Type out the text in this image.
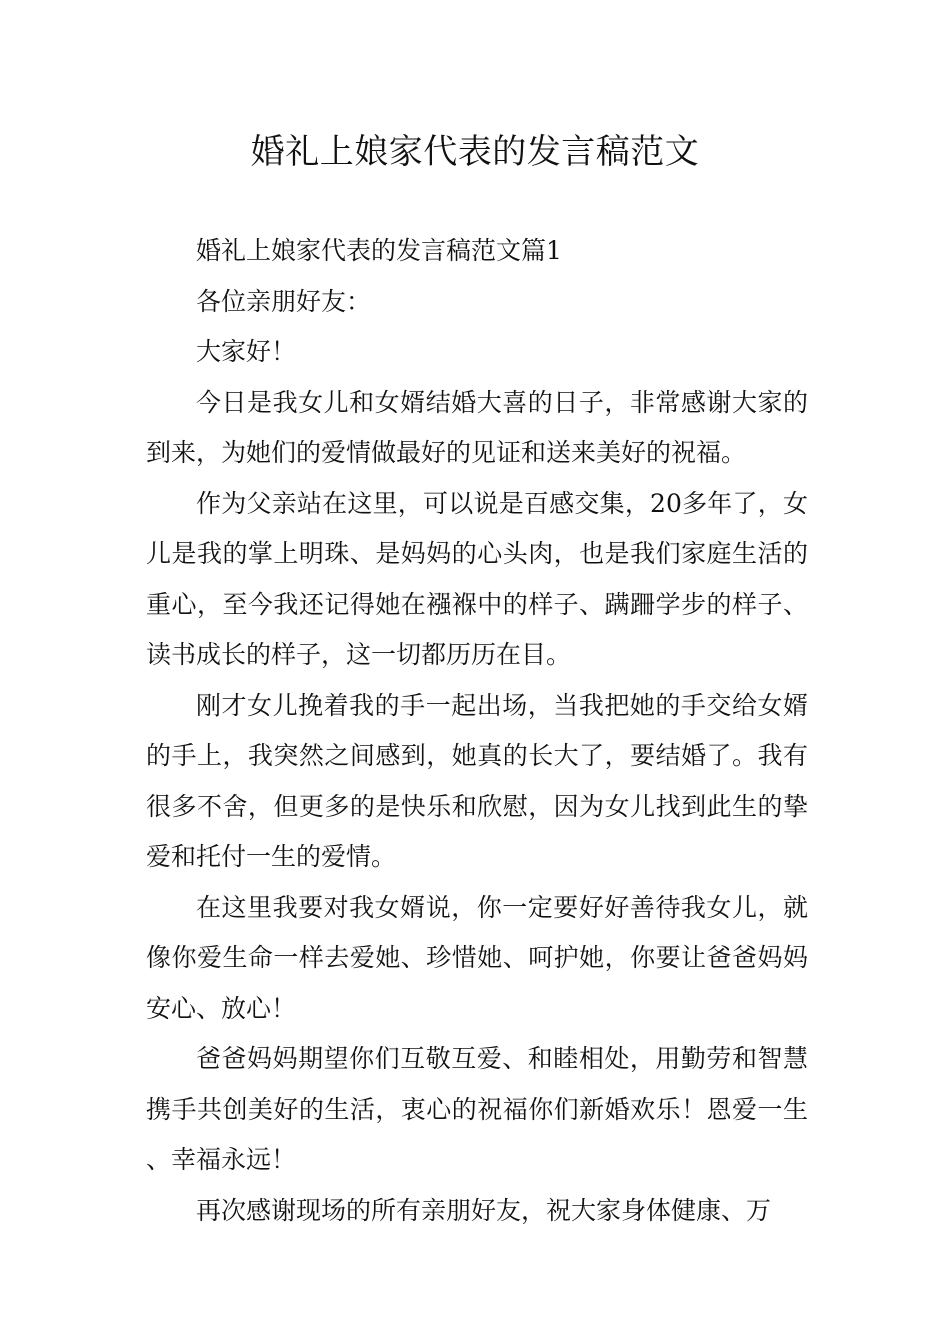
婚礼上娘家代表的发言稿范文

婚礼上娘家代表的发言稿范文篇1

各位亲朋好友：

大家好！

今日是我女儿和女婿结婚大喜的日子，非常感谢大家的到来，为她们的爱情做最好的见证和送来美好的祝福。

作为父亲站在这里，可以说是百感交集，20多年了，女儿是我的掌上明珠、是妈妈的心头肉，也是我们家庭生活的重心，至今我还记得她在襁褓中的样子、蹒跚学步的样子、读书成长的样子，这一切都历历在目。

刚才女儿挽着我的手一起出场，当我把她的手交给女婿的手上，我突然之间感到，她真的长大了，要结婚了。我有很多不舍，但更多的是快乐和欣慰，因为女儿找到此生的挚爱和托付一生的爱情。

在这里我要对我女婿说，你一定要好好善待我女儿，就像你爱生命一样去爱她、珍惜她、呵护她，你要让爸爸妈妈安心、放心！

爸爸妈妈期望你们互敬互爱、和睦相处，用勤劳和智慧携手共创美好的生活，衷心的祝福你们新婚欢乐！恩爱一生、幸福永远！

再次感谢现场的所有亲朋好友，祝大家身体健康、万
